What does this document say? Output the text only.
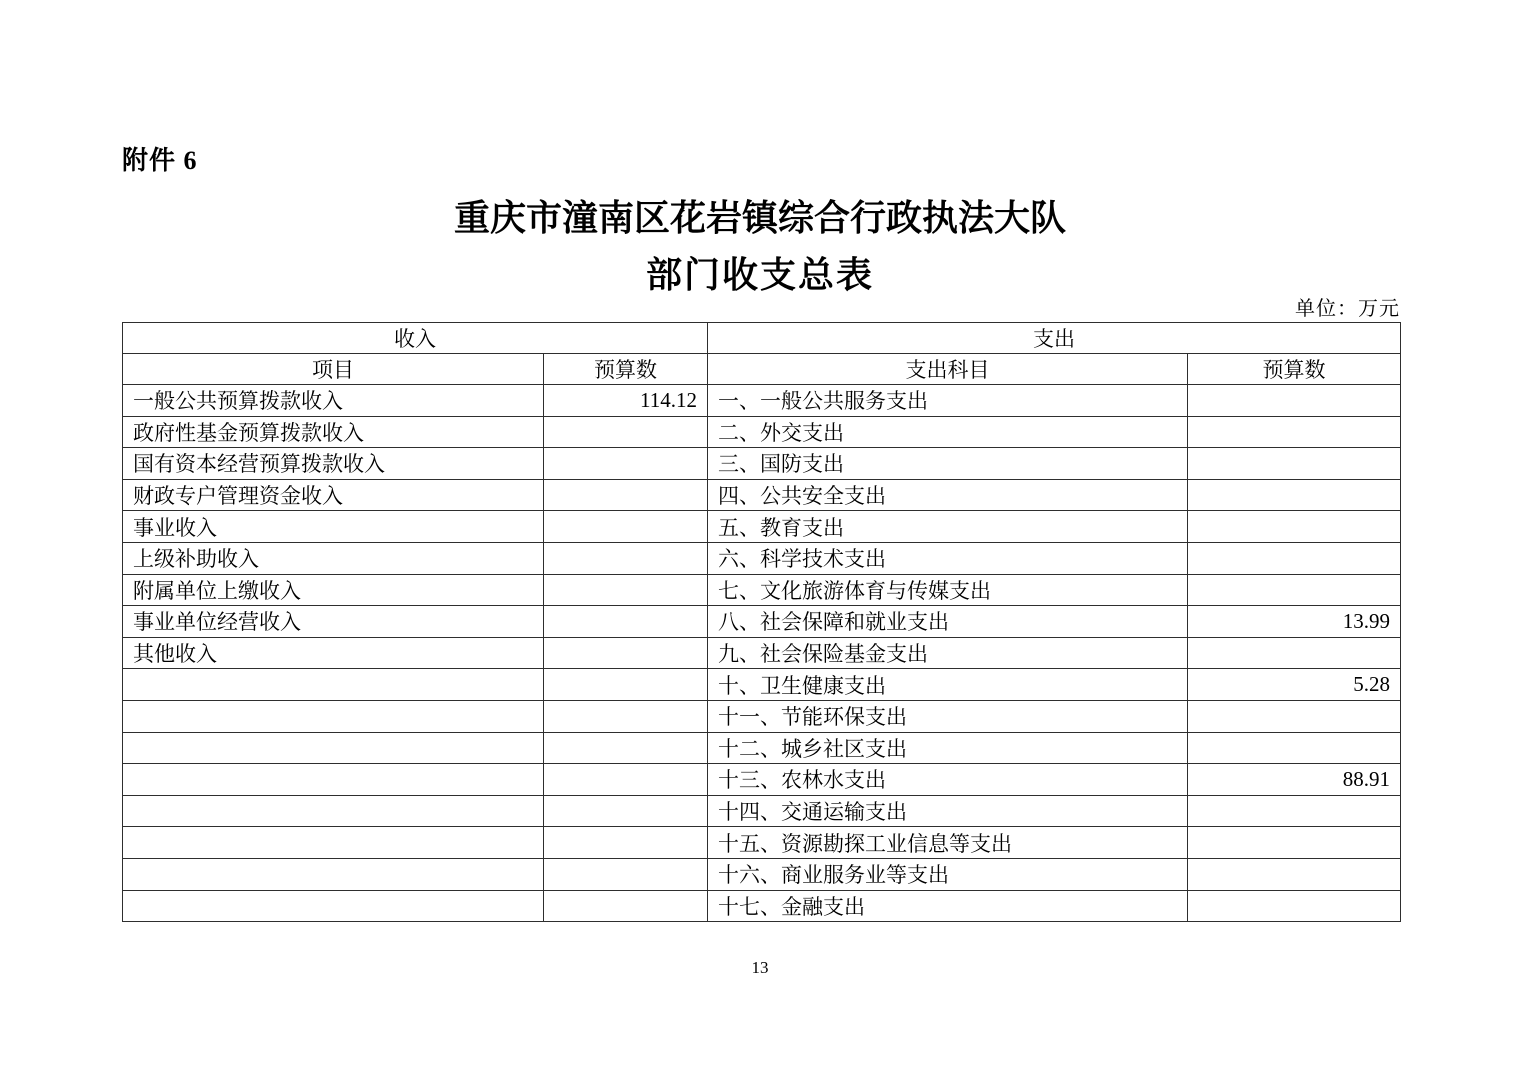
附件 6
重庆市潼南区花岩镇综合行政执法大队
部门收支总表
单位：万元
收入		支出	
项目	预算数	支出科目	预算数
一般公共预算拨款收入	114.12	一、一般公共服务支出	
政府性基金预算拨款收入		二、外交支出	
国有资本经营预算拨款收入		三、国防支出	
财政专户管理资金收入		四、公共安全支出	
事业收入		五、教育支出	
上级补助收入		六、科学技术支出	
附属单位上缴收入		七、文化旅游体育与传媒支出	
事业单位经营收入		八、社会保障和就业支出	13.99
其他收入		九、社会保险基金支出	
		十、卫生健康支出	5.28
		十一、节能环保支出	
		十二、城乡社区支出	
		十三、农林水支出	88.91
		十四、交通运输支出	
		十五、资源勘探工业信息等支出	
		十六、商业服务业等支出	
		十七、金融支出	
13
